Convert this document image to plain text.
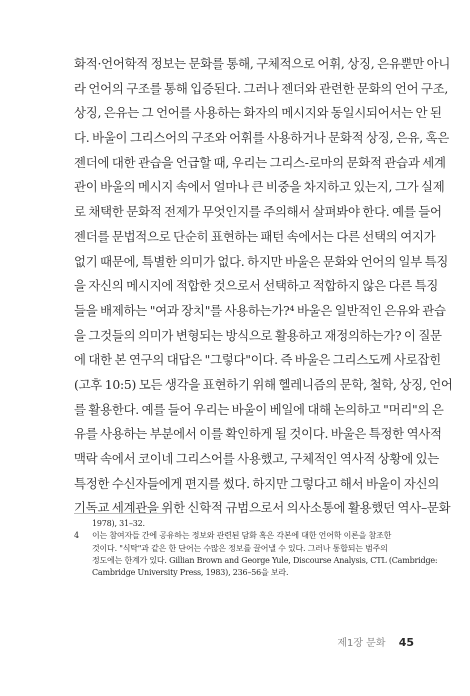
화적·언어학적 정보는 문화를 통해, 구체적으로 어휘, 상징, 은유뿐만 아니
라 언어의 구조를 통해 입증된다. 그러나 젠더와 관련한 문화의 언어 구조,
상징, 은유는 그 언어를 사용하는 화자의 메시지와 동일시되어서는 안 된
다. 바울이 그리스어의 구조와 어휘를 사용하거나 문화적 상징, 은유, 혹은
젠더에 대한 관습을 언급할 때, 우리는 그리스-로마의 문화적 관습과 세계
관이 바울의 메시지 속에서 얼마나 큰 비중을 차지하고 있는지, 그가 실제
로 채택한 문화적 전제가 무엇인지를 주의해서 살펴봐야 한다. 예를 들어
젠더를 문법적으로 단순히 표현하는 패턴 속에서는 다른 선택의 여지가
없기 때문에, 특별한 의미가 없다. 하지만 바울은 문화와 언어의 일부 특징
을 자신의 메시지에 적합한 것으로서 선택하고 적합하지 않은 다른 특징
들을 배제하는 "여과 장치"를 사용하는가?⁴ 바울은 일반적인 은유와 관습
을 그것들의 의미가 변형되는 방식으로 활용하고 재정의하는가? 이 질문
에 대한 본 연구의 대답은 "그렇다"이다. 즉 바울은 그리스도께 사로잡힌
(고후 10:5) 모든 생각을 표현하기 위해 헬레니즘의 문학, 철학, 상징, 언어
를 활용한다. 예를 들어 우리는 바울이 베일에 대해 논의하고 "머리"의 은
유를 사용하는 부분에서 이를 확인하게 될 것이다. 바울은 특정한 역사적
맥락 속에서 코이네 그리스어를 사용했고, 구체적인 역사적 상황에 있는
특정한 수신자들에게 편지를 썼다. 하지만 그렇다고 해서 바울이 자신의
기독교 세계관을 위한 신학적 규범으로서 의사소통에 활용했던 역사–문화
1978), 31–32.
4	이는 참여자들 간에 공유하는 정보와 관련된 담화 혹은 각본에 대한 언어학 이론을 참조한
것이다. "식탁"과 같은 한 단어는 수많은 정보를 끌어낼 수 있다. 그러나 통합되는 범주의
정도에는 한계가 있다. Gillian Brown and George Yule, Discourse Analysis, CTL (Cambridge:
Cambridge University Press, 1983), 236–56을 보라.
제1장 문화 45
